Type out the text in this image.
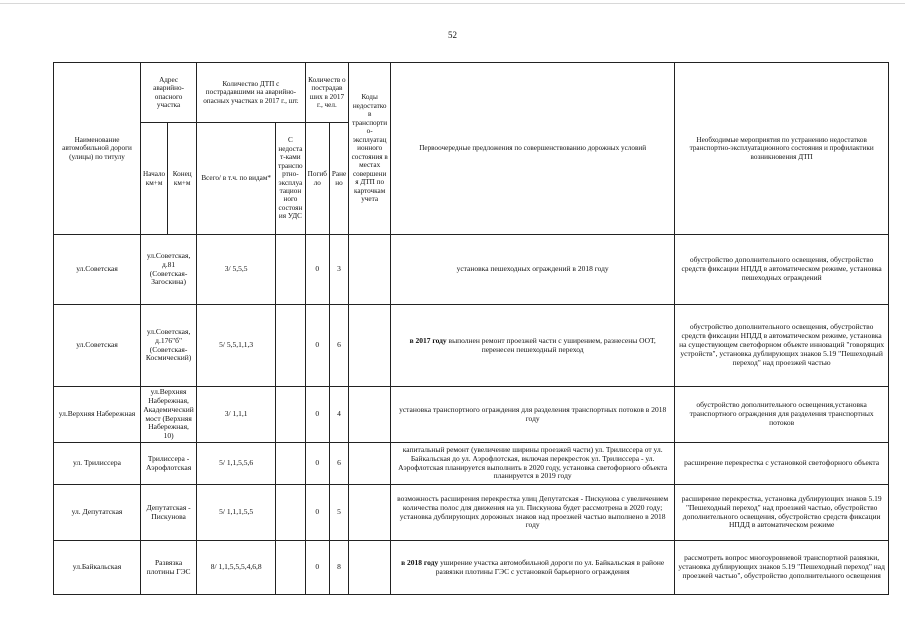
52
Наименование автомобильной дороги (улицы) по титулу	Адрес аварийно-опасного участка		Количество ДТП с пострадавшими на аварийно-опасных участках в 2017 г., шт.		Количеств о пострадав ших в 2017 г., чел.		Коды недостатко в транспорти о-эксплуатац ионного состояния в местах совершени я ДТП по карточкам учета	Первоочередные предложения по совершенствованию дорожных условий	Необходимые мероприятия по устранению недостатков транспортно-эксплуатационного состояния и профилактики возникновения ДТП
	Начало км+м	Конец км+м	Всего/ в т.ч. по видам*	С недоста т-ками транспо ртно-эксплуа тацион ного состоян ия УДС	Погиб ло	Ране но			
ул.Советская	ул.Советская, д.81 (Советская-Загоскина)		3/ 5,5,5		0	3		установка пешеходных ограждений в 2018 году	обустройство дополнительного освещения, обустройство средств фиксации НПДД в автоматическом режиме, установка пешеходных ограждений
ул.Советская	ул.Советская, д.176"б" (Советская-Космический)		5/ 5,5,1,1,3		0	6		в 2017 году выполнен ремонт проезжей части с уширением, разнесены ООТ, перенесен пешеходный переход	обустройство дополнительного освещения, обустройство средств фиксации НПДД в автоматическом режиме, установка на существующем светофорном объекте инноваций "говорящих устройств", установка дублирующих знаков 5.19 "Пешеходный переход" над проезжей частью
ул.Верхняя Набережная	ул.Верхняя Набережная, Академический мост (Верхняя Набережная, 10)		3/ 1,1,1		0	4		установка транспортного ограждения для разделения транспортных потоков в 2018 году	обустройство дополнительного освещения,установка транспортного ограждения для разделения транспортных потоков
ул. Трилиссера	Трилиссера - Аэрофлотская		5/ 1,1,5,5,6		0	6		капитальный ремонт (увеличение ширины проезжей части) ул. Трилиссера от ул. Байкальская до ул. Аэрофлотская, включая перекресток ул. Трилиссера - ул. Аэрофлотская планируется выполнить в 2020 году, установка светофорного объекта планируется в 2019 году	расширение перекрестка с установкой светофорного объекта
ул. Депутатская	Депутатская - Пискунова		5/ 1,1,1,5,5		0	5		возможность расширения перекрестка улиц Депутатская - Пискунова с увеличением количества полос для движения на ул. Пискунова будет рассмотрена в 2020 году; установка дублирующих дорожных знаков над проезжей частью выполнено в 2018 году	расширение перекрестка, установка дублирующих знаков 5.19 "Пешеходный переход" над проезжей частью, обустройство дополнительного освещения, обустройство средств фиксации НПДД в автоматическом режиме
ул.Байкальская	Развязка плотины ГЭС		8/ 1,1,5,5,5,4,6,8		0	8		в 2018 году уширение участка автомобильной дороги по ул. Байкальская в районе развязки плотины ГЭС с установкой барьерного ограждения	рассмотреть вопрос многоуровневой транспортной развязки, установка дублирующих знаков 5.19 "Пешеходный переход" над проезжей частью", обустройство дополнительного освещения
